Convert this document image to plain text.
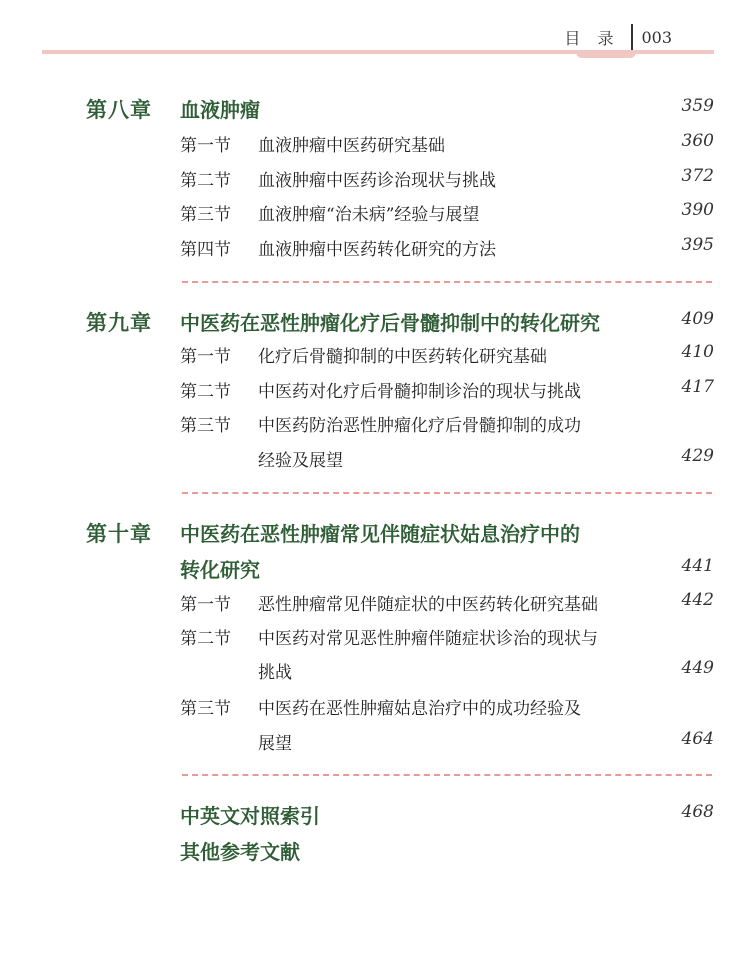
目 录 003
第八章 血液肿瘤	359
第一节 血液肿瘤中医药研究基础	360
第二节 血液肿瘤中医药诊治现状与挑战	372
第三节 血液肿瘤“治未病”经验与展望	390
第四节 血液肿瘤中医药转化研究的方法	395
第九章 中医药在恶性肿瘤化疗后骨髓抑制中的转化研究	409
第一节 化疗后骨髓抑制的中医药转化研究基础	410
第二节 中医药对化疗后骨髓抑制诊治的现状与挑战	417
第三节 中医药防治恶性肿瘤化疗后骨髓抑制的成功
经验及展望	429
第十章 中医药在恶性肿瘤常见伴随症状姑息治疗中的
转化研究	441
第一节 恶性肿瘤常见伴随症状的中医药转化研究基础	442
第二节 中医药对常见恶性肿瘤伴随症状诊治的现状与
挑战	449
第三节 中医药在恶性肿瘤姑息治疗中的成功经验及
展望	464
中英文对照索引	468
其他参考文献
